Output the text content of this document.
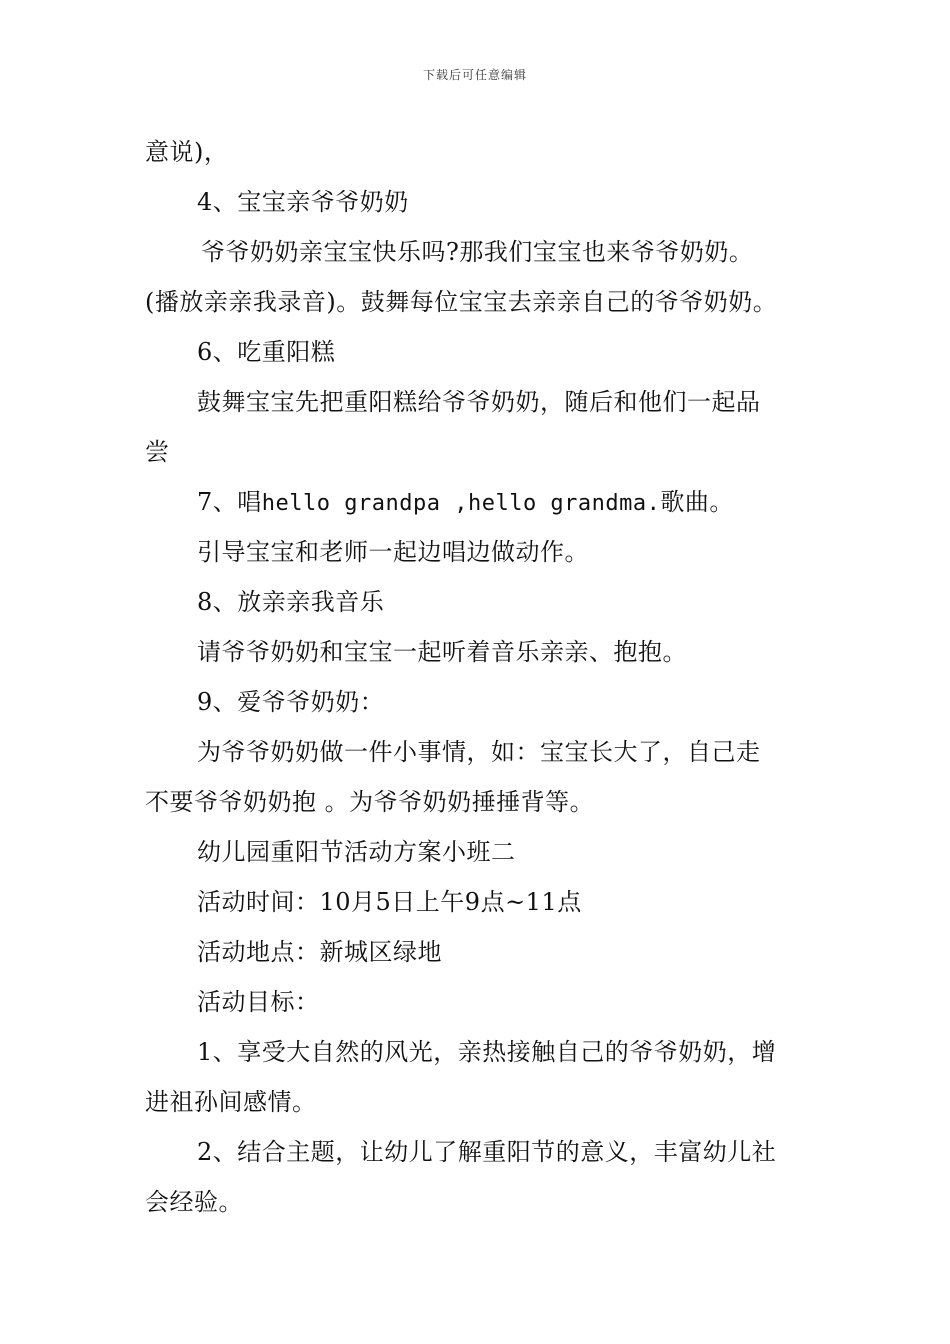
下载后可任意编辑
意说)，
4、宝宝亲爷爷奶奶
爷爷奶奶亲宝宝快乐吗?那我们宝宝也来爷爷奶奶。
(播放亲亲我录音)。鼓舞每位宝宝去亲亲自己的爷爷奶奶。
6、吃重阳糕
鼓舞宝宝先把重阳糕给爷爷奶奶，随后和他们一起品
尝
7、唱hello grandpa ,hello grandma.歌曲。
引导宝宝和老师一起边唱边做动作。
8、放亲亲我音乐
请爷爷奶奶和宝宝一起听着音乐亲亲、抱抱。
9、爱爷爷奶奶：
为爷爷奶奶做一件小事情，如：宝宝长大了，自己走
不要爷爷奶奶抱 。为爷爷奶奶捶捶背等。
幼儿园重阳节活动方案小班二
活动时间：10月5日上午9点~11点
活动地点：新城区绿地
活动目标：
1、享受大自然的风光，亲热接触自己的爷爷奶奶，增
进祖孙间感情。
2、结合主题，让幼儿了解重阳节的意义，丰富幼儿社
会经验。
